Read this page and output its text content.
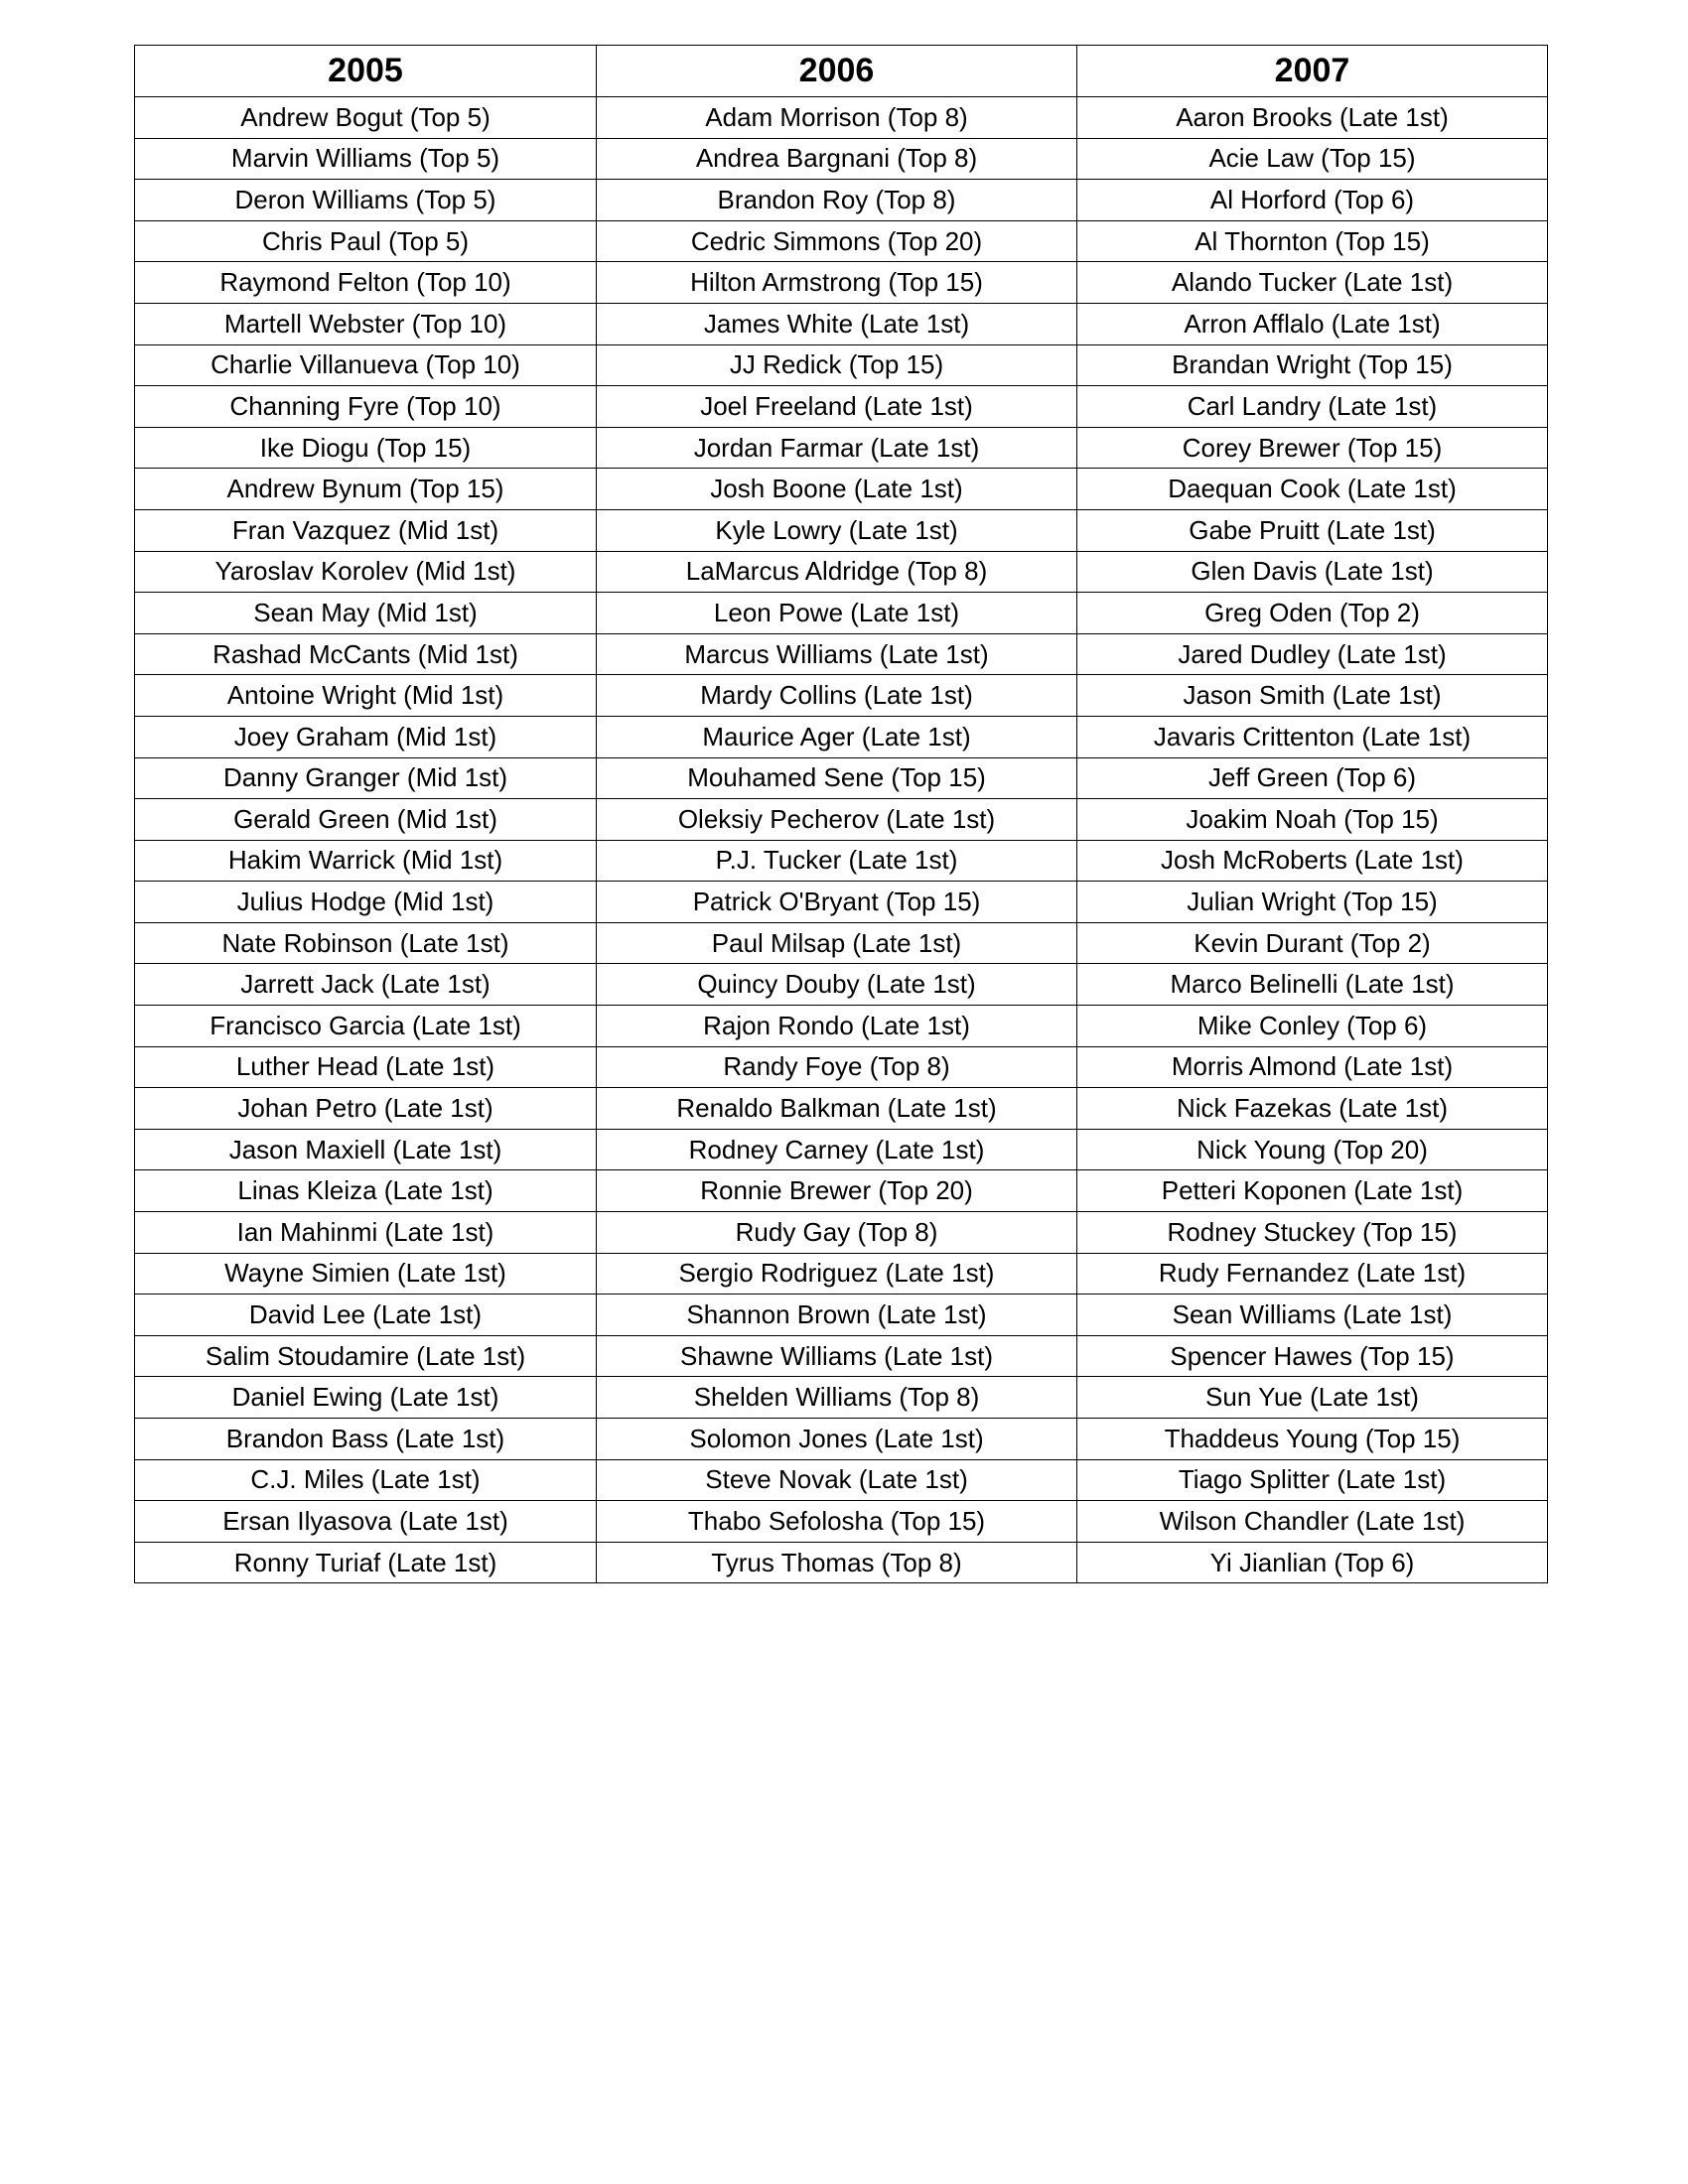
2005	2006	2007
Andrew Bogut (Top 5)	Adam Morrison (Top 8)	Aaron Brooks (Late 1st)
Marvin Williams (Top 5)	Andrea Bargnani (Top 8)	Acie Law (Top 15)
Deron Williams (Top 5)	Brandon Roy (Top 8)	Al Horford (Top 6)
Chris Paul (Top 5)	Cedric Simmons (Top 20)	Al Thornton (Top 15)
Raymond Felton (Top 10)	Hilton Armstrong (Top 15)	Alando Tucker (Late 1st)
Martell Webster (Top 10)	James White (Late 1st)	Arron Afflalo (Late 1st)
Charlie Villanueva (Top 10)	JJ Redick (Top 15)	Brandan Wright (Top 15)
Channing Fyre (Top 10)	Joel Freeland (Late 1st)	Carl Landry (Late 1st)
Ike Diogu (Top 15)	Jordan Farmar (Late 1st)	Corey Brewer (Top 15)
Andrew Bynum (Top 15)	Josh Boone (Late 1st)	Daequan Cook (Late 1st)
Fran Vazquez (Mid 1st)	Kyle Lowry (Late 1st)	Gabe Pruitt (Late 1st)
Yaroslav Korolev (Mid 1st)	LaMarcus Aldridge (Top 8)	Glen Davis (Late 1st)
Sean May (Mid 1st)	Leon Powe (Late 1st)	Greg Oden (Top 2)
Rashad McCants (Mid 1st)	Marcus Williams (Late 1st)	Jared Dudley (Late 1st)
Antoine Wright (Mid 1st)	Mardy Collins (Late 1st)	Jason Smith (Late 1st)
Joey Graham (Mid 1st)	Maurice Ager (Late 1st)	Javaris Crittenton (Late 1st)
Danny Granger (Mid 1st)	Mouhamed Sene (Top 15)	Jeff Green (Top 6)
Gerald Green (Mid 1st)	Oleksiy Pecherov (Late 1st)	Joakim Noah (Top 15)
Hakim Warrick (Mid 1st)	P.J. Tucker (Late 1st)	Josh McRoberts (Late 1st)
Julius Hodge (Mid 1st)	Patrick O'Bryant (Top 15)	Julian Wright (Top 15)
Nate Robinson (Late 1st)	Paul Milsap (Late 1st)	Kevin Durant (Top 2)
Jarrett Jack (Late 1st)	Quincy Douby (Late 1st)	Marco Belinelli (Late 1st)
Francisco Garcia (Late 1st)	Rajon Rondo (Late 1st)	Mike Conley (Top 6)
Luther Head (Late 1st)	Randy Foye (Top 8)	Morris Almond (Late 1st)
Johan Petro (Late 1st)	Renaldo Balkman (Late 1st)	Nick Fazekas (Late 1st)
Jason Maxiell (Late 1st)	Rodney Carney (Late 1st)	Nick Young (Top 20)
Linas Kleiza (Late 1st)	Ronnie Brewer (Top 20)	Petteri Koponen (Late 1st)
Ian Mahinmi (Late 1st)	Rudy Gay (Top 8)	Rodney Stuckey (Top 15)
Wayne Simien (Late 1st)	Sergio Rodriguez (Late 1st)	Rudy Fernandez (Late 1st)
David Lee (Late 1st)	Shannon Brown (Late 1st)	Sean Williams (Late 1st)
Salim Stoudamire (Late 1st)	Shawne Williams (Late 1st)	Spencer Hawes (Top 15)
Daniel Ewing (Late 1st)	Shelden Williams (Top 8)	Sun Yue (Late 1st)
Brandon Bass (Late 1st)	Solomon Jones (Late 1st)	Thaddeus Young (Top 15)
C.J. Miles (Late 1st)	Steve Novak (Late 1st)	Tiago Splitter (Late 1st)
Ersan Ilyasova (Late 1st)	Thabo Sefolosha (Top 15)	Wilson Chandler (Late 1st)
Ronny Turiaf (Late 1st)	Tyrus Thomas (Top 8)	Yi Jianlian (Top 6)
